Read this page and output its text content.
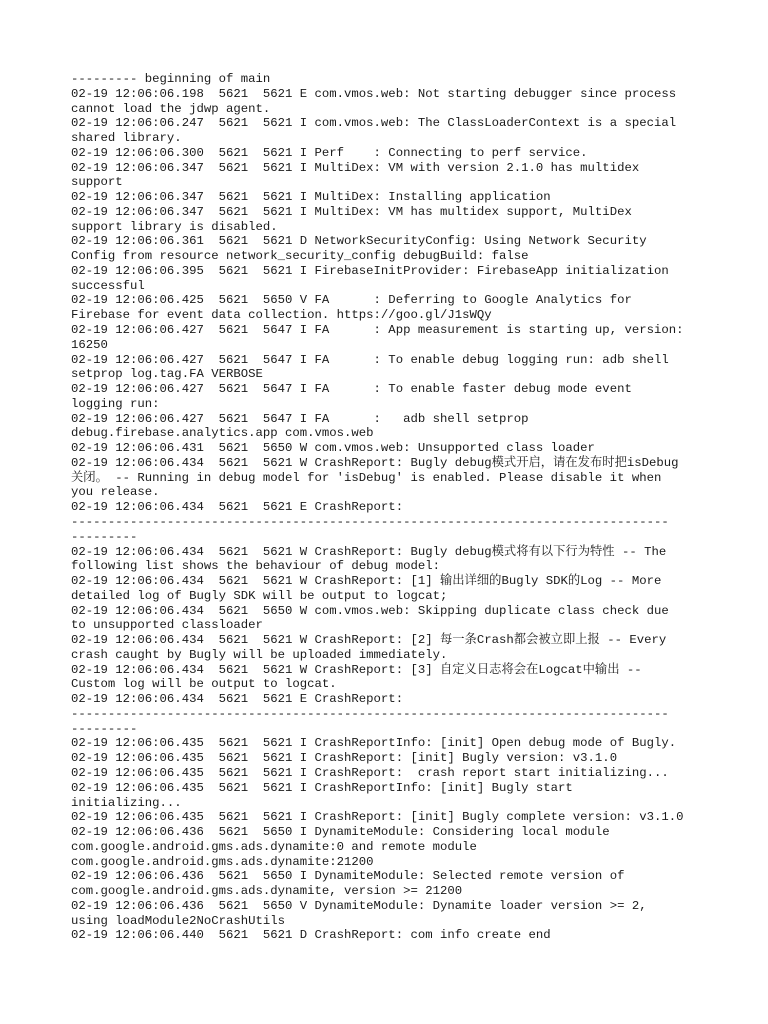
--------- beginning of main
02-19 12:06:06.198  5621  5621 E com.vmos.web: Not starting debugger since process
cannot load the jdwp agent.
02-19 12:06:06.247  5621  5621 I com.vmos.web: The ClassLoaderContext is a special
shared library.
02-19 12:06:06.300  5621  5621 I Perf    : Connecting to perf service.
02-19 12:06:06.347  5621  5621 I MultiDex: VM with version 2.1.0 has multidex
support
02-19 12:06:06.347  5621  5621 I MultiDex: Installing application
02-19 12:06:06.347  5621  5621 I MultiDex: VM has multidex support, MultiDex
support library is disabled.
02-19 12:06:06.361  5621  5621 D NetworkSecurityConfig: Using Network Security
Config from resource network_security_config debugBuild: false
02-19 12:06:06.395  5621  5621 I FirebaseInitProvider: FirebaseApp initialization
successful
02-19 12:06:06.425  5621  5650 V FA      : Deferring to Google Analytics for
Firebase for event data collection. https://goo.gl/J1sWQy
02-19 12:06:06.427  5621  5647 I FA      : App measurement is starting up, version:
16250
02-19 12:06:06.427  5621  5647 I FA      : To enable debug logging run: adb shell
setprop log.tag.FA VERBOSE
02-19 12:06:06.427  5621  5647 I FA      : To enable faster debug mode event
logging run:
02-19 12:06:06.427  5621  5647 I FA      :   adb shell setprop
debug.firebase.analytics.app com.vmos.web
02-19 12:06:06.431  5621  5650 W com.vmos.web: Unsupported class loader
02-19 12:06:06.434  5621  5621 W CrashReport: Bugly debug模式开启，请在发布时把isDebug
关闭。 -- Running in debug model for 'isDebug' is enabled. Please disable it when
you release.
02-19 12:06:06.434  5621  5621 E CrashReport:
---------------------------------------------------------------------------------
---------
02-19 12:06:06.434  5621  5621 W CrashReport: Bugly debug模式将有以下行为特性 -- The
following list shows the behaviour of debug model:
02-19 12:06:06.434  5621  5621 W CrashReport: [1] 输出详细的Bugly SDK的Log -- More
detailed log of Bugly SDK will be output to logcat;
02-19 12:06:06.434  5621  5650 W com.vmos.web: Skipping duplicate class check due
to unsupported classloader
02-19 12:06:06.434  5621  5621 W CrashReport: [2] 每一条Crash都会被立即上报 -- Every
crash caught by Bugly will be uploaded immediately.
02-19 12:06:06.434  5621  5621 W CrashReport: [3] 自定义日志将会在Logcat中输出 --
Custom log will be output to logcat.
02-19 12:06:06.434  5621  5621 E CrashReport:
---------------------------------------------------------------------------------
---------
02-19 12:06:06.435  5621  5621 I CrashReportInfo: [init] Open debug mode of Bugly.
02-19 12:06:06.435  5621  5621 I CrashReport: [init] Bugly version: v3.1.0
02-19 12:06:06.435  5621  5621 I CrashReport:  crash report start initializing...
02-19 12:06:06.435  5621  5621 I CrashReportInfo: [init] Bugly start
initializing...
02-19 12:06:06.435  5621  5621 I CrashReport: [init] Bugly complete version: v3.1.0
02-19 12:06:06.436  5621  5650 I DynamiteModule: Considering local module
com.google.android.gms.ads.dynamite:0 and remote module
com.google.android.gms.ads.dynamite:21200
02-19 12:06:06.436  5621  5650 I DynamiteModule: Selected remote version of
com.google.android.gms.ads.dynamite, version >= 21200
02-19 12:06:06.436  5621  5650 V DynamiteModule: Dynamite loader version >= 2,
using loadModule2NoCrashUtils
02-19 12:06:06.440  5621  5621 D CrashReport: com info create end
